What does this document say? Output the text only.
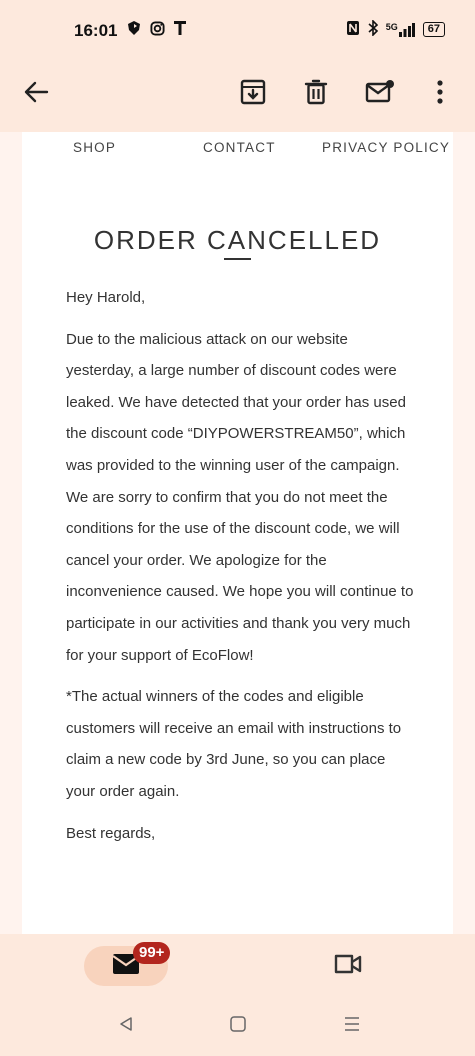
16:01	5G	67
SHOP	CONTACT	PRIVACY POLICY
ORDER CANCELLED

Hey Harold,

Due to the malicious attack on our website yesterday, a large number of discount codes were leaked. We have detected that your order has used the discount code “DIYPOWERSTREAM50”, which was provided to the winning user of the campaign. We are sorry to confirm that you do not meet the conditions for the use of the discount code, we will cancel your order. We apologize for the inconvenience caused. We hope you will continue to participate in our activities and thank you very much for your support of EcoFlow!

*The actual winners of the codes and eligible customers will receive an email with instructions to claim a new code by 3rd June, so you can place your order again.

Best regards,

99+
